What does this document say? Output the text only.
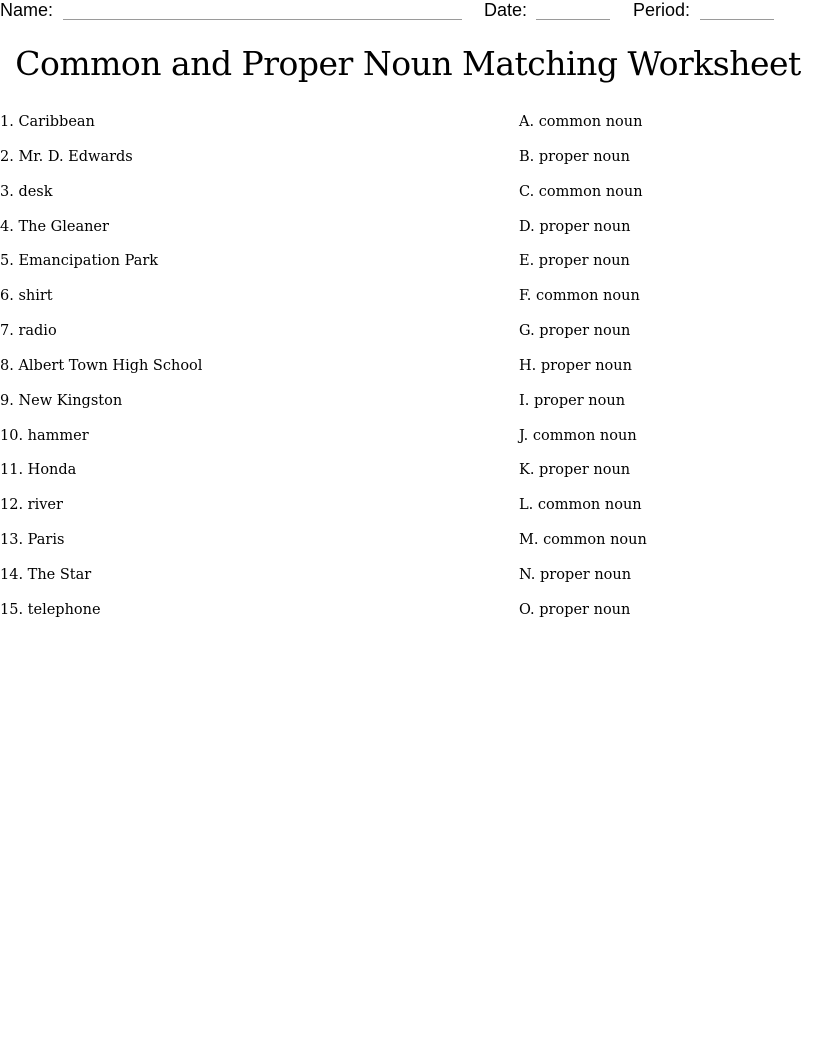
Name:	Date:	Period:
Common and Proper Noun Matching Worksheet
1. Caribbean	A. common noun
2. Mr. D. Edwards	B. proper noun
3. desk	C. common noun
4. The Gleaner	D. proper noun
5. Emancipation Park	E. proper noun
6. shirt	F. common noun
7. radio	G. proper noun
8. Albert Town High School	H. proper noun
9. New Kingston	I. proper noun
10. hammer	J. common noun
11. Honda	K. proper noun
12. river	L. common noun
13. Paris	M. common noun
14. The Star	N. proper noun
15. telephone	O. proper noun
